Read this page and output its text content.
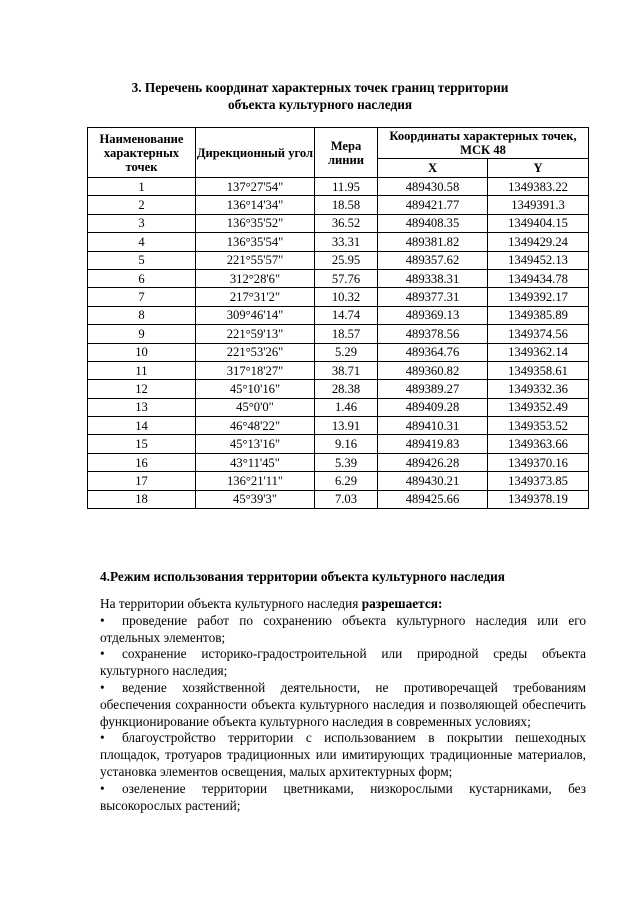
3. Перечень координат характерных точек границ территории
объекта культурного наследия
Наименование характерных точек	Дирекционный угол	Мера линии	Координаты характерных точек, МСК 48	
			X	Y
1	137°27'54"	11.95	489430.58	1349383.22
2	136°14'34"	18.58	489421.77	1349391.3
3	136°35'52"	36.52	489408.35	1349404.15
4	136°35'54"	33.31	489381.82	1349429.24
5	221°55'57"	25.95	489357.62	1349452.13
6	312°28'6"	57.76	489338.31	1349434.78
7	217°31'2"	10.32	489377.31	1349392.17
8	309°46'14"	14.74	489369.13	1349385.89
9	221°59'13"	18.57	489378.56	1349374.56
10	221°53'26"	5.29	489364.76	1349362.14
11	317°18'27"	38.71	489360.82	1349358.61
12	45°10'16"	28.38	489389.27	1349332.36
13	45°0'0"	1.46	489409.28	1349352.49
14	46°48'22"	13.91	489410.31	1349353.52
15	45°13'16"	9.16	489419.83	1349363.66
16	43°11'45"	5.39	489426.28	1349370.16
17	136°21'11"	6.29	489430.21	1349373.85
18	45°39'3"	7.03	489425.66	1349378.19
4.Режим использования территории объекта культурного наследия

На территории объекта культурного наследия разрешается:

• проведение работ по сохранению объекта культурного наследия или его отдельных элементов;

• сохранение историко-градостроительной или природной среды объекта культурного наследия;

• ведение хозяйственной деятельности, не противоречащей требованиям обеспечения сохранности объекта культурного наследия и позволяющей обеспечить функционирование объекта культурного наследия в современных условиях;

• благоустройство территории с использованием в покрытии пешеходных площадок, тротуаров традиционных или имитирующих традиционные материалов, установка элементов освещения, малых архитектурных форм;

• озеленение территории цветниками, низкорослыми кустарниками, без высокорослых растений;
